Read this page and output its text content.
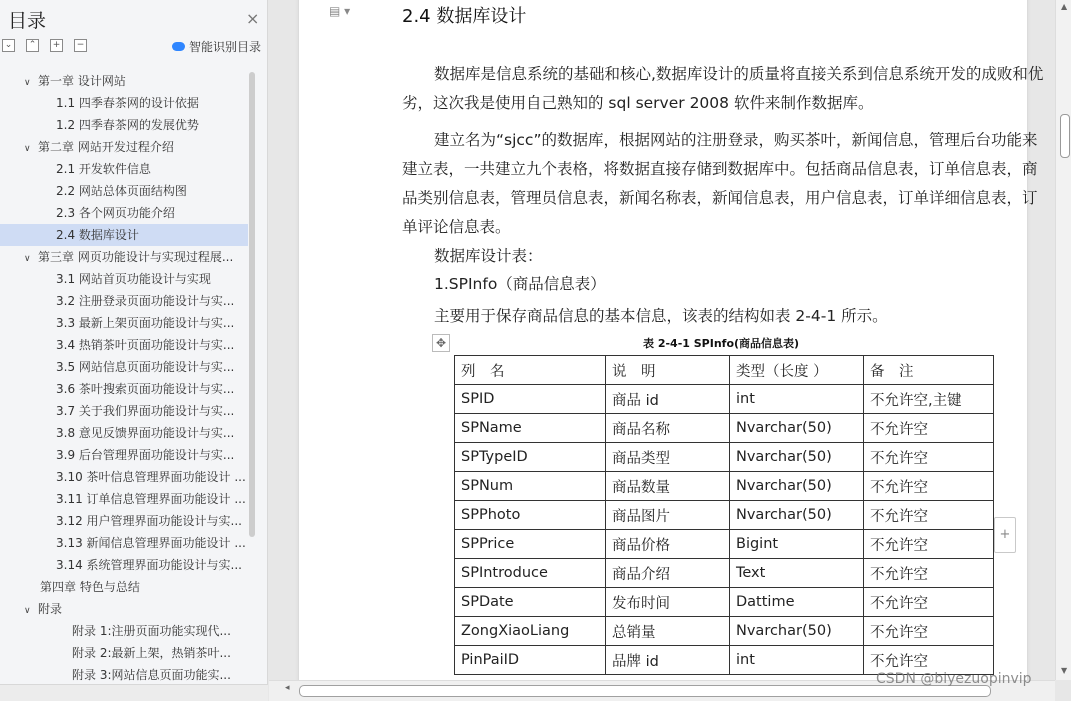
目录	×
⌄	⌃	+	−	智能识别目录
∨ 第一章 设计网站
1.1 四季春茶网的设计依据
1.2 四季春茶网的发展优势
∨ 第二章 网站开发过程介绍
2.1 开发软件信息
2.2 网站总体页面结构图
2.3 各个网页功能介绍
2.4 数据库设计
∨ 第三章 网页功能设计与实现过程展...
3.1 网站首页功能设计与实现
3.2 注册登录页面功能设计与实...
3.3 最新上架页面功能设计与实...
3.4 热销茶叶页面功能设计与实...
3.5 网站信息页面功能设计与实...
3.6 茶叶搜索页面功能设计与实...
3.7 关于我们界面功能设计与实...
3.8 意见反馈界面功能设计与实...
3.9 后台管理界面功能设计与实...
3.10 茶叶信息管理界面功能设计 ...
3.11 订单信息管理界面功能设计 ...
3.12 用户管理界面功能设计与实...
3.13 新闻信息管理界面功能设计 ...
3.14 系统管理界面功能设计与实...
第四章 特色与总结
∨ 附录
附录 1:注册页面功能实现代...
附录 2:最新上架，热销茶叶...
附录 3:网站信息页面功能实...
▤ ▾	2.4 数据库设计
数据库是信息系统的基础和核心,数据库设计的质量将直接关系到信息系统开发的成败和优劣，这次我是使用自己熟知的 sql server 2008 软件来制作数据库。
建立名为“sjcc”的数据库，根据网站的注册登录，购买茶叶，新闻信息，管理后台功能来建立表，一共建立九个表格，将数据直接存储到数据库中。包括商品信息表，订单信息表，商品类别信息表，管理员信息表，新闻名称表，新闻信息表，用户信息表，订单详细信息表，订单评论信息表。
数据库设计表：
1.SPInfo（商品信息表）
主要用于保存商品信息的基本信息，该表的结构如表 2-4-1 所示。
✥	表 2-4-1 SPInfo(商品信息表)
列　名	说　明	类型（长度 ）	备　注
SPID	商品 id	int	不允许空,主键
SPName	商品名称	Nvarchar(50)	不允许空
SPTypeID	商品类型	Nvarchar(50)	不允许空
SPNum	商品数量	Nvarchar(50)	不允许空
SPPhoto	商品图片	Nvarchar(50)	不允许空
SPPrice	商品价格	Bigint	不允许空
SPIntroduce	商品介绍	Text	不允许空
SPDate	发布时间	Dattime	不允许空
ZongXiaoLiang	总销量	Nvarchar(50)	不允许空
PinPaiID	品牌 id	int	不允许空
+
▲
▼
◂
CSDN @biyezuopinvip
